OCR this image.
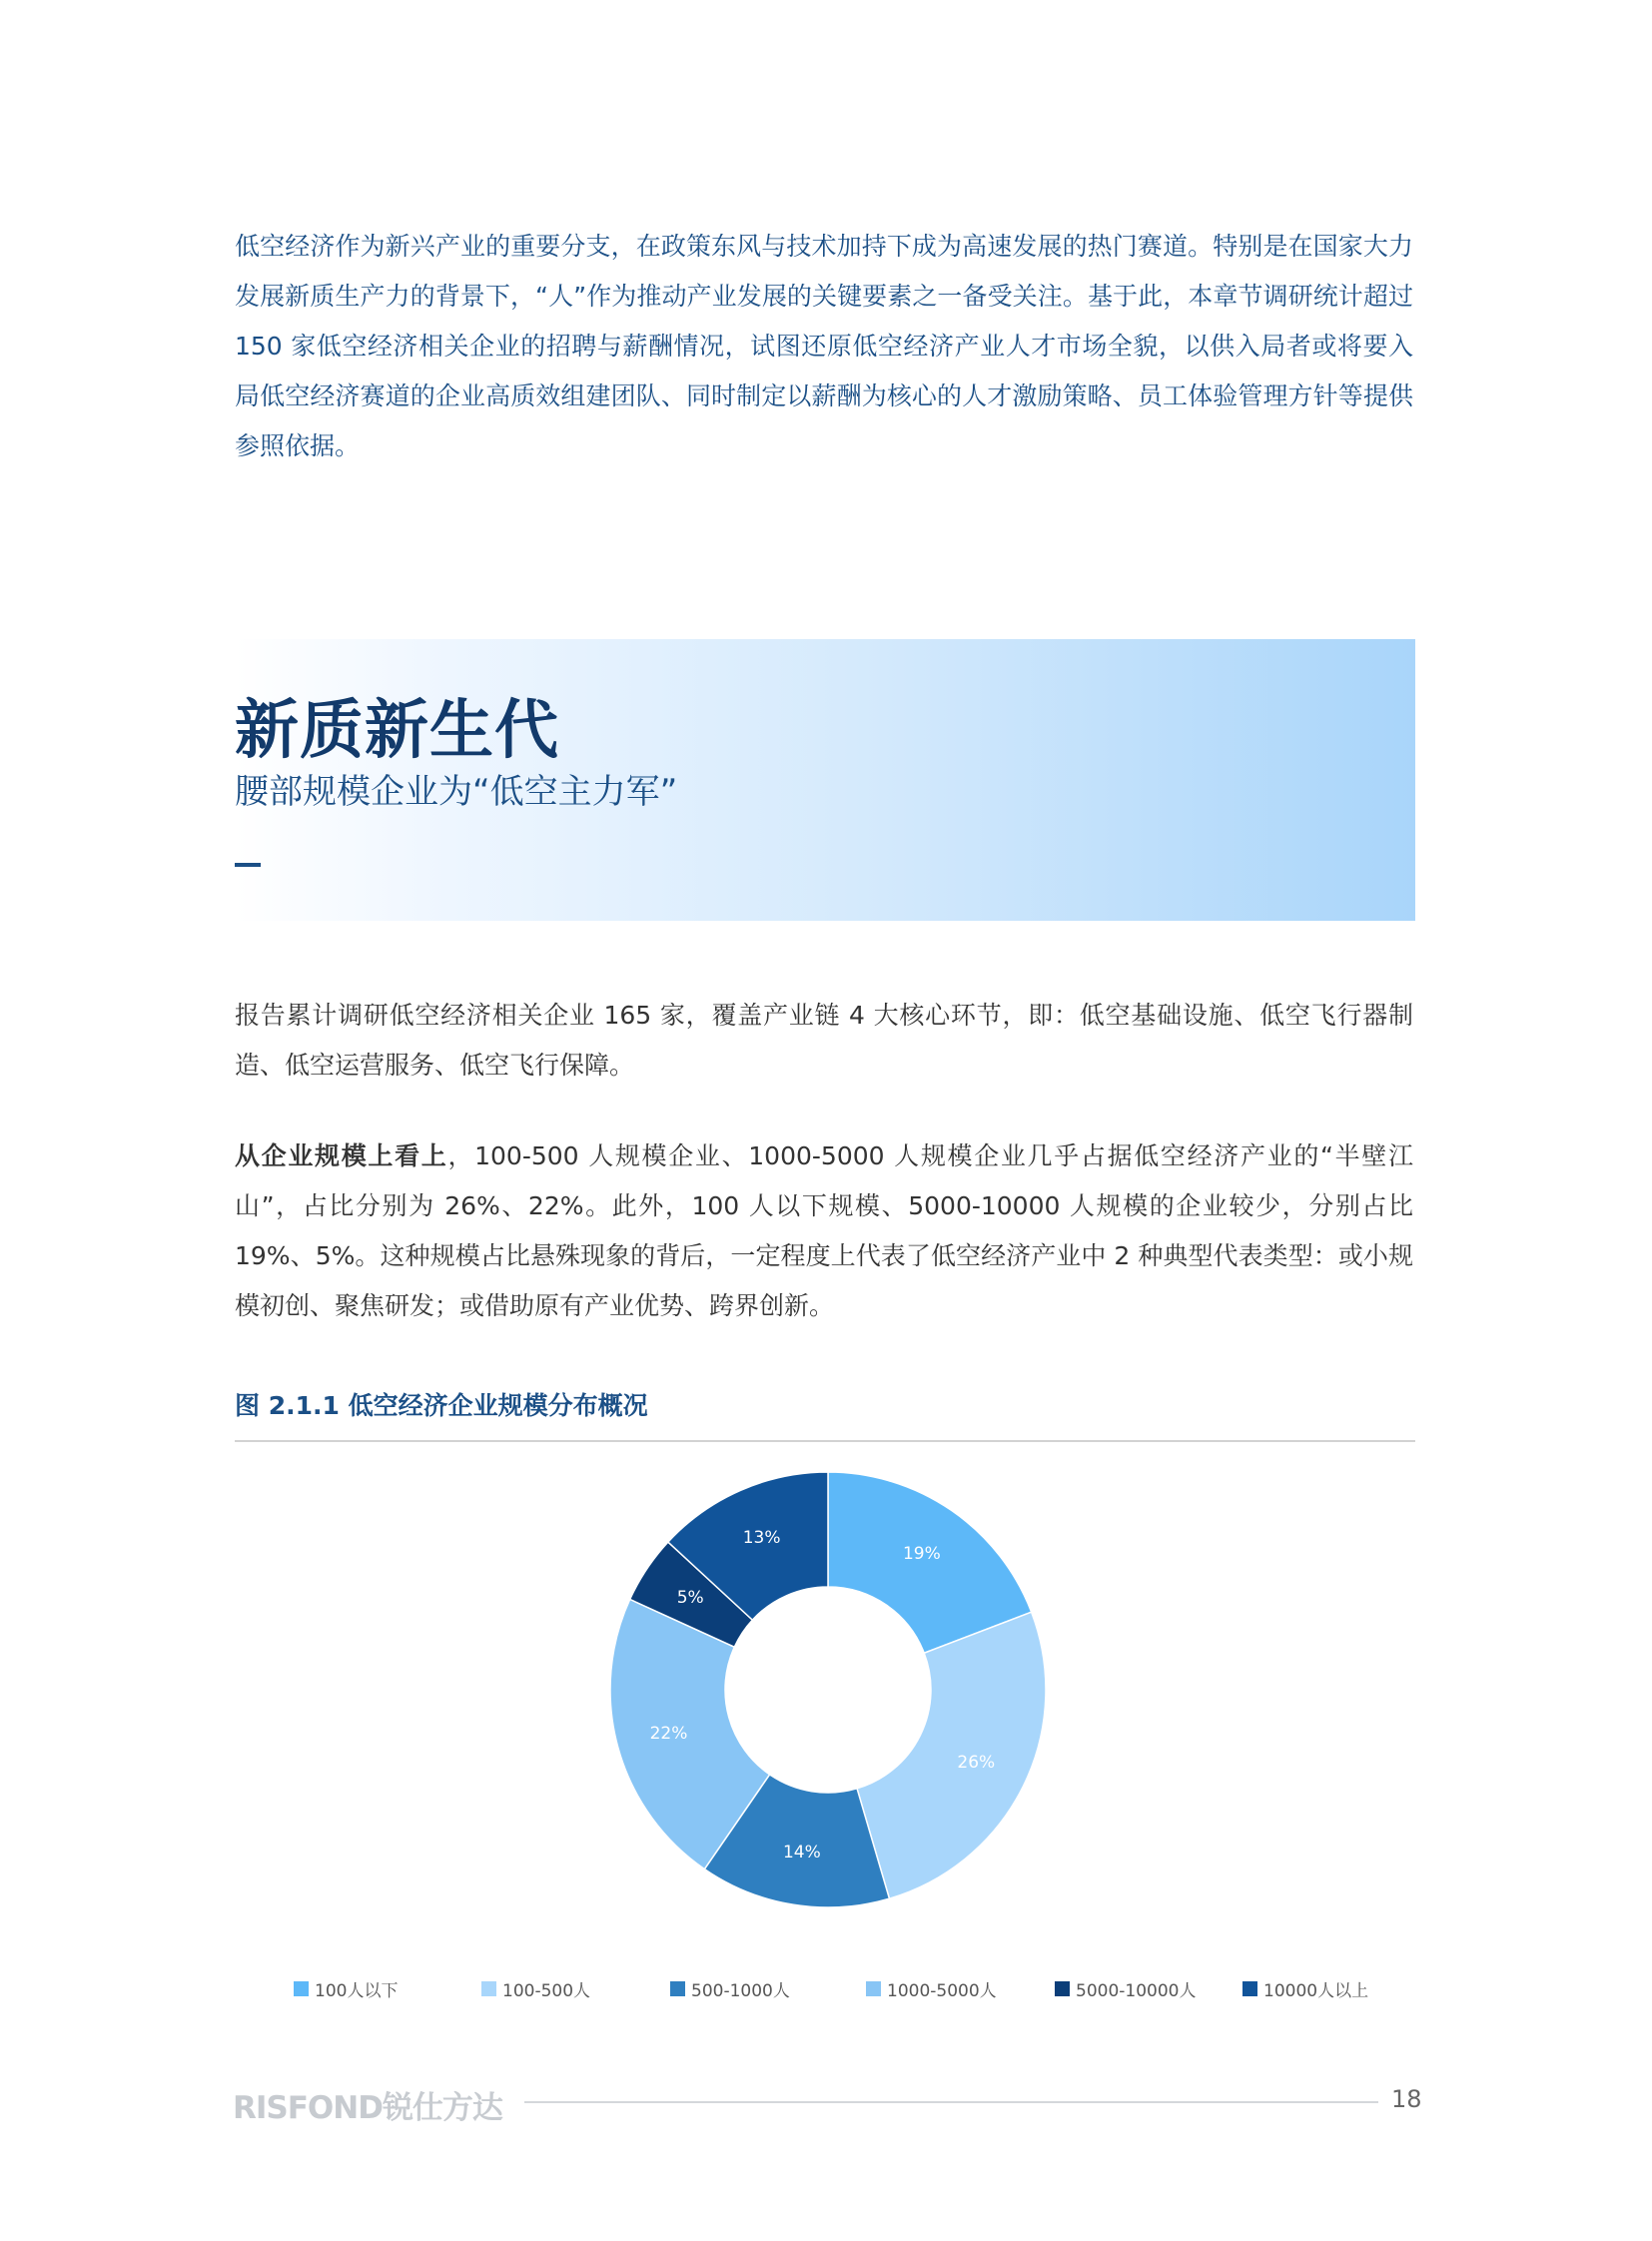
低空经济作为新兴产业的重要分支，在政策东风与技术加持下成为高速发展的热门赛道。特别是在国家大力发展新质生产力的背景下，“人”作为推动产业发展的关键要素之一备受关注。基于此，本章节调研统计超过 150 家低空经济相关企业的招聘与薪酬情况，试图还原低空经济产业人才市场全貌，以供入局者或将要入局低空经济赛道的企业高质效组建团队、同时制定以薪酬为核心的人才激励策略、员工体验管理方针等提供参照依据。

新质新生代
腰部规模企业为“低空主力军”

报告累计调研低空经济相关企业 165 家，覆盖产业链 4 大核心环节，即：低空基础设施、低空飞行器制造、低空运营服务、低空飞行保障。

从企业规模上看上，100-500 人规模企业、1000-5000 人规模企业几乎占据低空经济产业的“半壁江山”，占比分别为 26%、22%。此外，100 人以下规模、5000-10000 人规模的企业较少，分别占比 19%、5%。这种规模占比悬殊现象的背后，一定程度上代表了低空经济产业中 2 种典型代表类型：或小规模初创、聚焦研发；或借助原有产业优势、跨界创新。

图 2.1.1 低空经济企业规模分布概况
19%
26%
14%
22%
5%
13%
100人以下	100-500人	500-1000人	1000-5000人	5000-10000人	10000人以上
RISFOND锐仕方达	18
